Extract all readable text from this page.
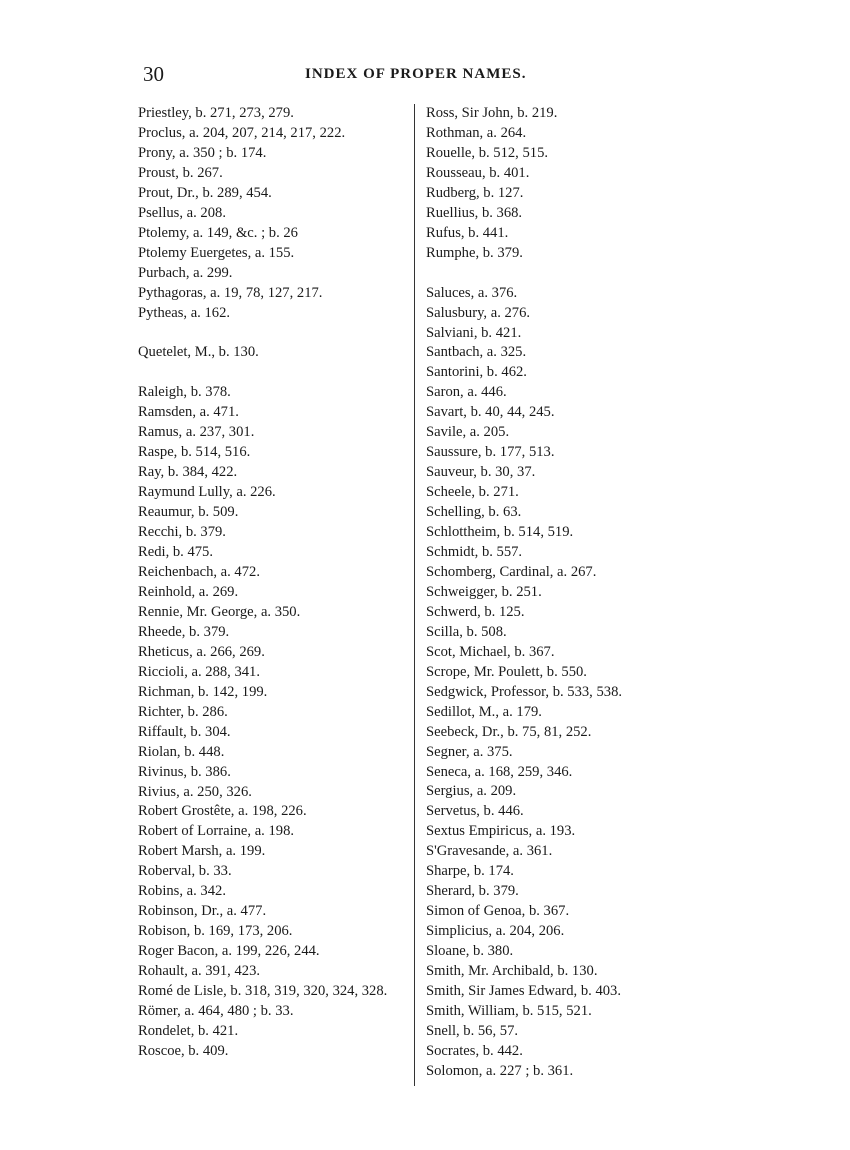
30	INDEX OF PROPER NAMES.
Priestley, b. 271, 273, 279.
Proclus, a. 204, 207, 214, 217, 222.
Prony, a. 350 ; b. 174.
Proust, b. 267.
Prout, Dr., b. 289, 454.
Psellus, a. 208.
Ptolemy, a. 149, &c. ; b. 26
Ptolemy Euergetes, a. 155.
Purbach, a. 299.
Pythagoras, a. 19, 78, 127, 217.
Pytheas, a. 162.
Quetelet, M., b. 130.
Raleigh, b. 378.
Ramsden, a. 471.
Ramus, a. 237, 301.
Raspe, b. 514, 516.
Ray, b. 384, 422.
Raymund Lully, a. 226.
Reaumur, b. 509.
Recchi, b. 379.
Redi, b. 475.
Reichenbach, a. 472.
Reinhold, a. 269.
Rennie, Mr. George, a. 350.
Rheede, b. 379.
Rheticus, a. 266, 269.
Riccioli, a. 288, 341.
Richman, b. 142, 199.
Richter, b. 286.
Riffault, b. 304.
Riolan, b. 448.
Rivinus, b. 386.
Rivius, a. 250, 326.
Robert Grostête, a. 198, 226.
Robert of Lorraine, a. 198.
Robert Marsh, a. 199.
Roberval, b. 33.
Robins, a. 342.
Robinson, Dr., a. 477.
Robison, b. 169, 173, 206.
Roger Bacon, a. 199, 226, 244.
Rohault, a. 391, 423.
Romé de Lisle, b. 318, 319, 320, 324, 328.
Römer, a. 464, 480 ; b. 33.
Rondelet, b. 421.
Roscoe, b. 409.
Ross, Sir John, b. 219.
Rothman, a. 264.
Rouelle, b. 512, 515.
Rousseau, b. 401.
Rudberg, b. 127.
Ruellius, b. 368.
Rufus, b. 441.
Rumphe, b. 379.
Saluces, a. 376.
Salusbury, a. 276.
Salviani, b. 421.
Santbach, a. 325.
Santorini, b. 462.
Saron, a. 446.
Savart, b. 40, 44, 245.
Savile, a. 205.
Saussure, b. 177, 513.
Sauveur, b. 30, 37.
Scheele, b. 271.
Schelling, b. 63.
Schlottheim, b. 514, 519.
Schmidt, b. 557.
Schomberg, Cardinal, a. 267.
Schweigger, b. 251.
Schwerd, b. 125.
Scilla, b. 508.
Scot, Michael, b. 367.
Scrope, Mr. Poulett, b. 550.
Sedgwick, Professor, b. 533, 538.
Sedillot, M., a. 179.
Seebeck, Dr., b. 75, 81, 252.
Segner, a. 375.
Seneca, a. 168, 259, 346.
Sergius, a. 209.
Servetus, b. 446.
Sextus Empiricus, a. 193.
S'Gravesande, a. 361.
Sharpe, b. 174.
Sherard, b. 379.
Simon of Genoa, b. 367.
Simplicius, a. 204, 206.
Sloane, b. 380.
Smith, Mr. Archibald, b. 130.
Smith, Sir James Edward, b. 403.
Smith, William, b. 515, 521.
Snell, b. 56, 57.
Socrates, b. 442.
Solomon, a. 227 ; b. 361.
